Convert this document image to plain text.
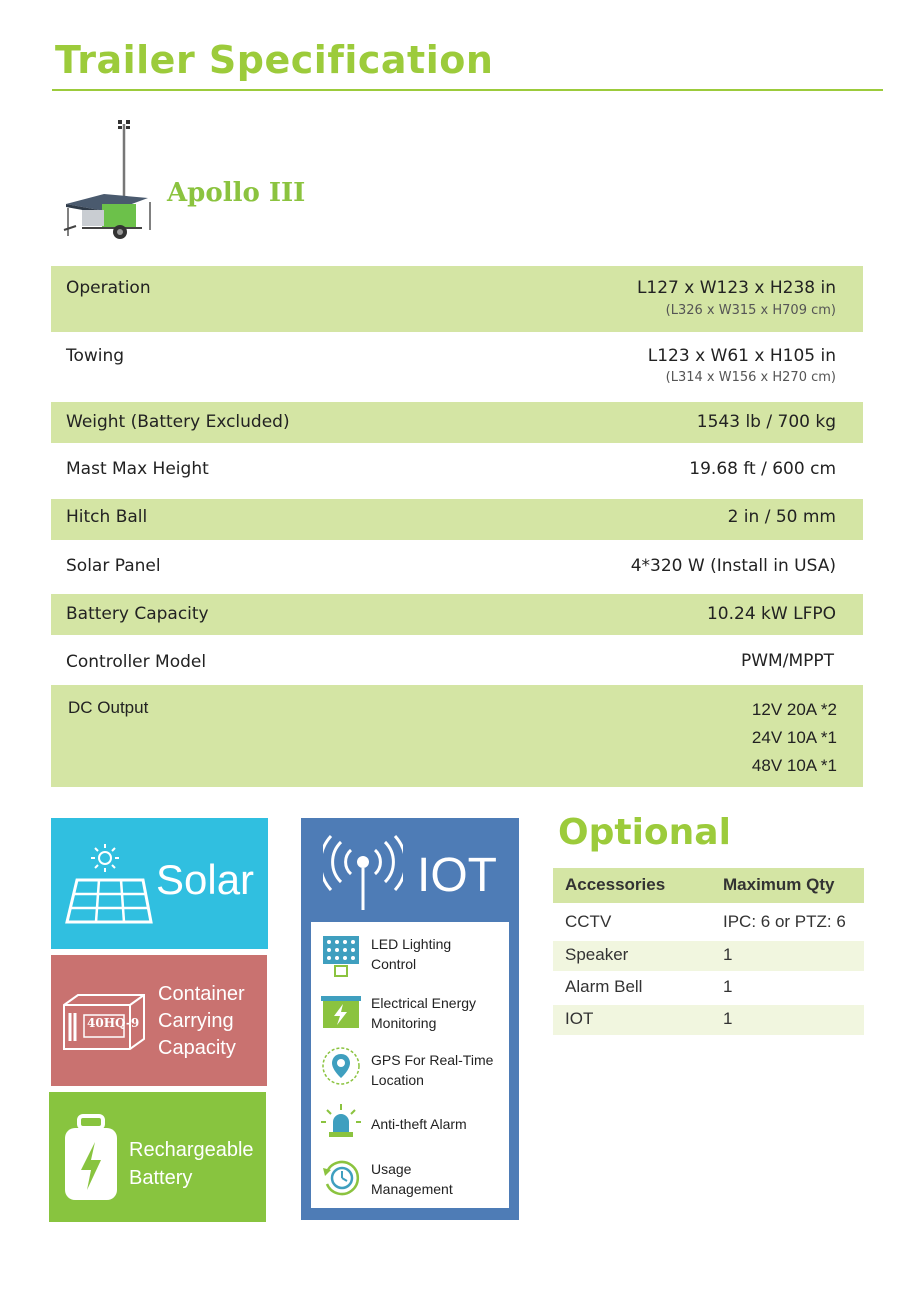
Trailer Specification
Apollo III
Operation	L127 x W123 x H238 in
(L326 x W315 x H709 cm)
Towing	L123 x W61 x H105 in
(L314 x W156 x H270 cm)
Weight (Battery Excluded)	1543 lb / 700 kg
Mast Max Height	19.68 ft / 600 cm
Hitch Ball	2 in / 50 mm
Solar Panel	4*320 W (Install in USA)
Battery Capacity	10.24 kW LFPO
Controller Model	PWM/MPPT
DC Output	12V 20A *2
24V 10A *1
48V 10A *1
Solar
40HQ-9
Container
Carrying
Capacity
Rechargeable
Battery
IOT
LED Lighting
Control
Electrical Energy
Monitoring
GPS For Real-Time
Location
Anti-theft Alarm
Usage
Management
Optional
Accessories	Maximum Qty
CCTV	IPC: 6 or PTZ: 6
Speaker	1
Alarm Bell	1
IOT	1
